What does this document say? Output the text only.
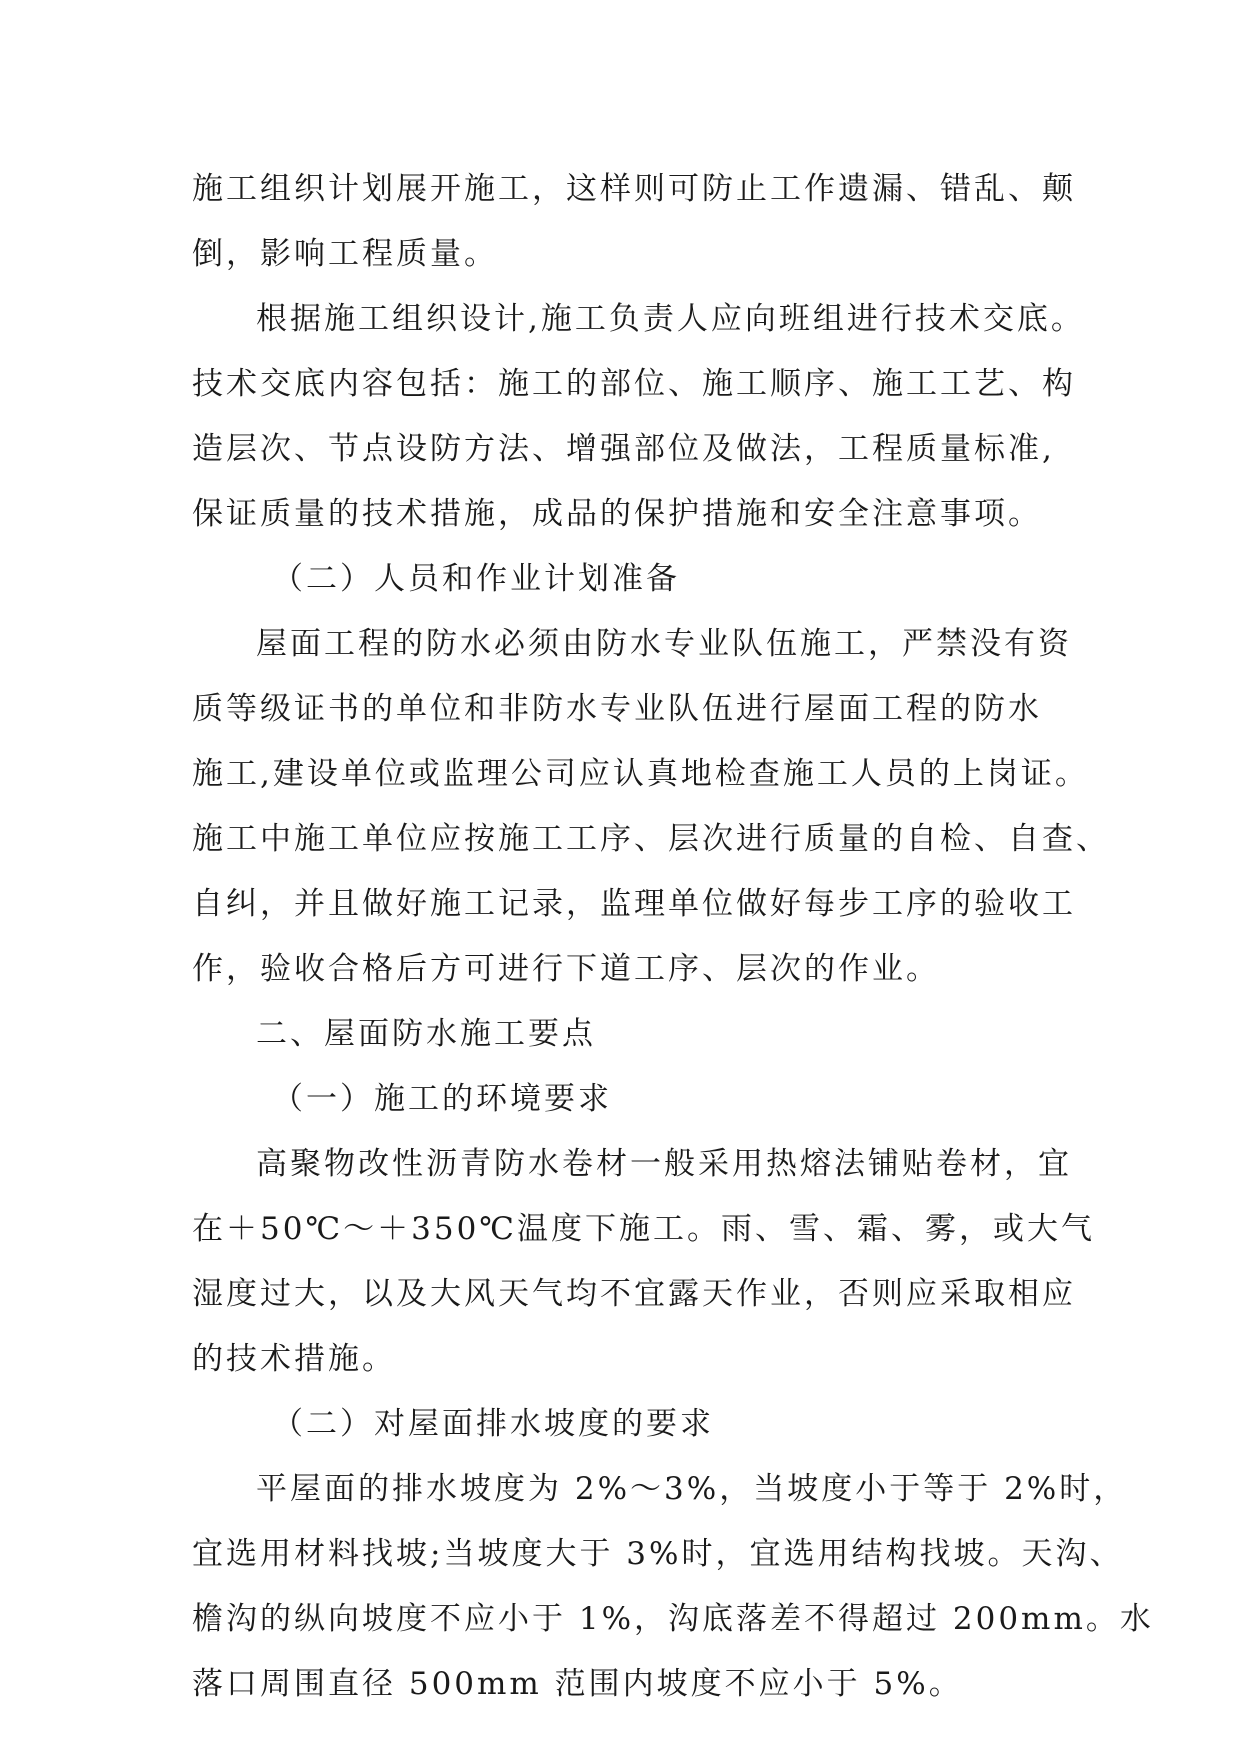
施工组织计划展开施工，这样则可防止工作遗漏、错乱、颠
倒，影响工程质量。
根据施工组织设计,施工负责人应向班组进行技术交底。
技术交底内容包括：施工的部位、施工顺序、施工工艺、构
造层次、节点设防方法、增强部位及做法，工程质量标准,
保证质量的技术措施，成品的保护措施和安全注意事项。
（二）人员和作业计划准备
屋面工程的防水必须由防水专业队伍施工，严禁没有资
质等级证书的单位和非防水专业队伍进行屋面工程的防水
施工,建设单位或监理公司应认真地检查施工人员的上岗证。
施工中施工单位应按施工工序、层次进行质量的自检、自查、
自纠，并且做好施工记录，监理单位做好每步工序的验收工
作，验收合格后方可进行下道工序、层次的作业。
二、屋面防水施工要点
（一）施工的环境要求
高聚物改性沥青防水卷材一般采用热熔法铺贴卷材，宜
在＋50℃～＋350℃温度下施工。雨、雪、霜、雾，或大气
湿度过大，以及大风天气均不宜露天作业，否则应采取相应
的技术措施。
（二）对屋面排水坡度的要求
平屋面的排水坡度为 2%～3%，当坡度小于等于 2%时，
宜选用材料找坡;当坡度大于 3%时，宜选用结构找坡。天沟、
檐沟的纵向坡度不应小于 1%，沟底落差不得超过 200mm。水
落口周围直径 500mm 范围内坡度不应小于 5%。
